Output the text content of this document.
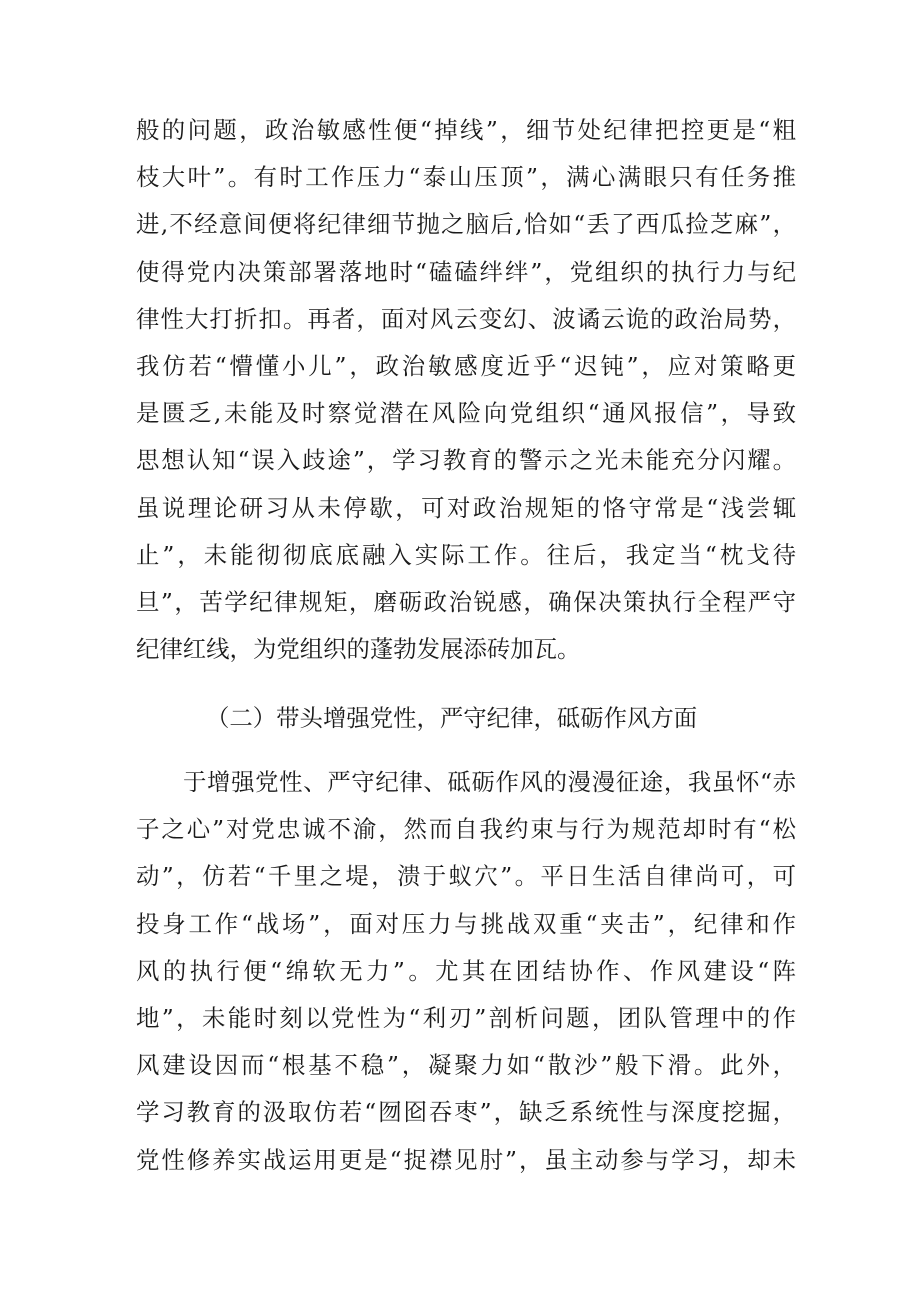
般的问题，政治敏感性便“掉线”，细节处纪律把控更是“粗
枝大叶”。有时工作压力“泰山压顶”，满心满眼只有任务推
进,不经意间便将纪律细节抛之脑后,恰如“丢了西瓜捡芝麻”，
使得党内决策部署落地时“磕磕绊绊”，党组织的执行力与纪
律性大打折扣。再者，面对风云变幻、波谲云诡的政治局势，
我仿若“懵懂小儿”，政治敏感度近乎“迟钝”，应对策略更
是匮乏,未能及时察觉潜在风险向党组织“通风报信”，导致
思想认知“误入歧途”，学习教育的警示之光未能充分闪耀。
虽说理论研习从未停歇，可对政治规矩的恪守常是“浅尝辄
止”，未能彻彻底底融入实际工作。往后，我定当“枕戈待
旦”，苦学纪律规矩，磨砺政治锐感，确保决策执行全程严守
纪律红线，为党组织的蓬勃发展添砖加瓦。
（二）带头增强党性，严守纪律，砥砺作风方面
于增强党性、严守纪律、砥砺作风的漫漫征途，我虽怀“赤
子之心”对党忠诚不渝，然而自我约束与行为规范却时有“松
动”，仿若“千里之堤，溃于蚁穴”。平日生活自律尚可，可
投身工作“战场”，面对压力与挑战双重“夹击”，纪律和作
风的执行便“绵软无力”。尤其在团结协作、作风建设“阵
地”，未能时刻以党性为“利刃”剖析问题，团队管理中的作
风建设因而“根基不稳”，凝聚力如“散沙”般下滑。此外，
学习教育的汲取仿若“囫囵吞枣”，缺乏系统性与深度挖掘，
党性修养实战运用更是“捉襟见肘”，虽主动参与学习，却未
